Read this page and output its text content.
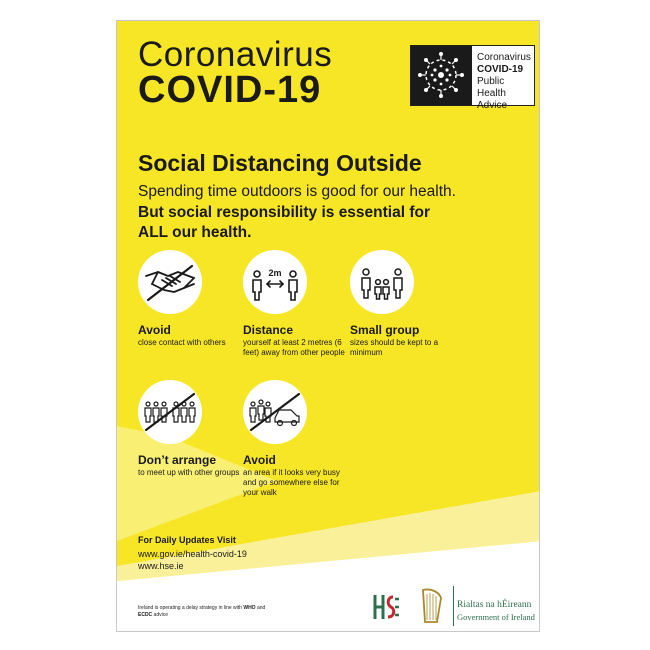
Coronavirus
COVID-19
Coronavirus
COVID-19
Public Health
Advice
Social Distancing Outside
Spending time outdoors is good for our health.
But social responsibility is essential for ALL our health.
Avoid
close contact with others
2m
Distance
yourself at least 2 metres (6 feet) away from other people
Small group
sizes should be kept to a minimum
Don’t arrange
to meet up with other groups
Avoid
an area if it looks very busy and go somewhere else for your walk
For Daily Updates Visit
www.gov.ie/health-covid-19
www.hse.ie
Ireland is operating a delay strategy in line with WHO and ECDC advice
Rialtas na hÉireann
Government of Ireland
